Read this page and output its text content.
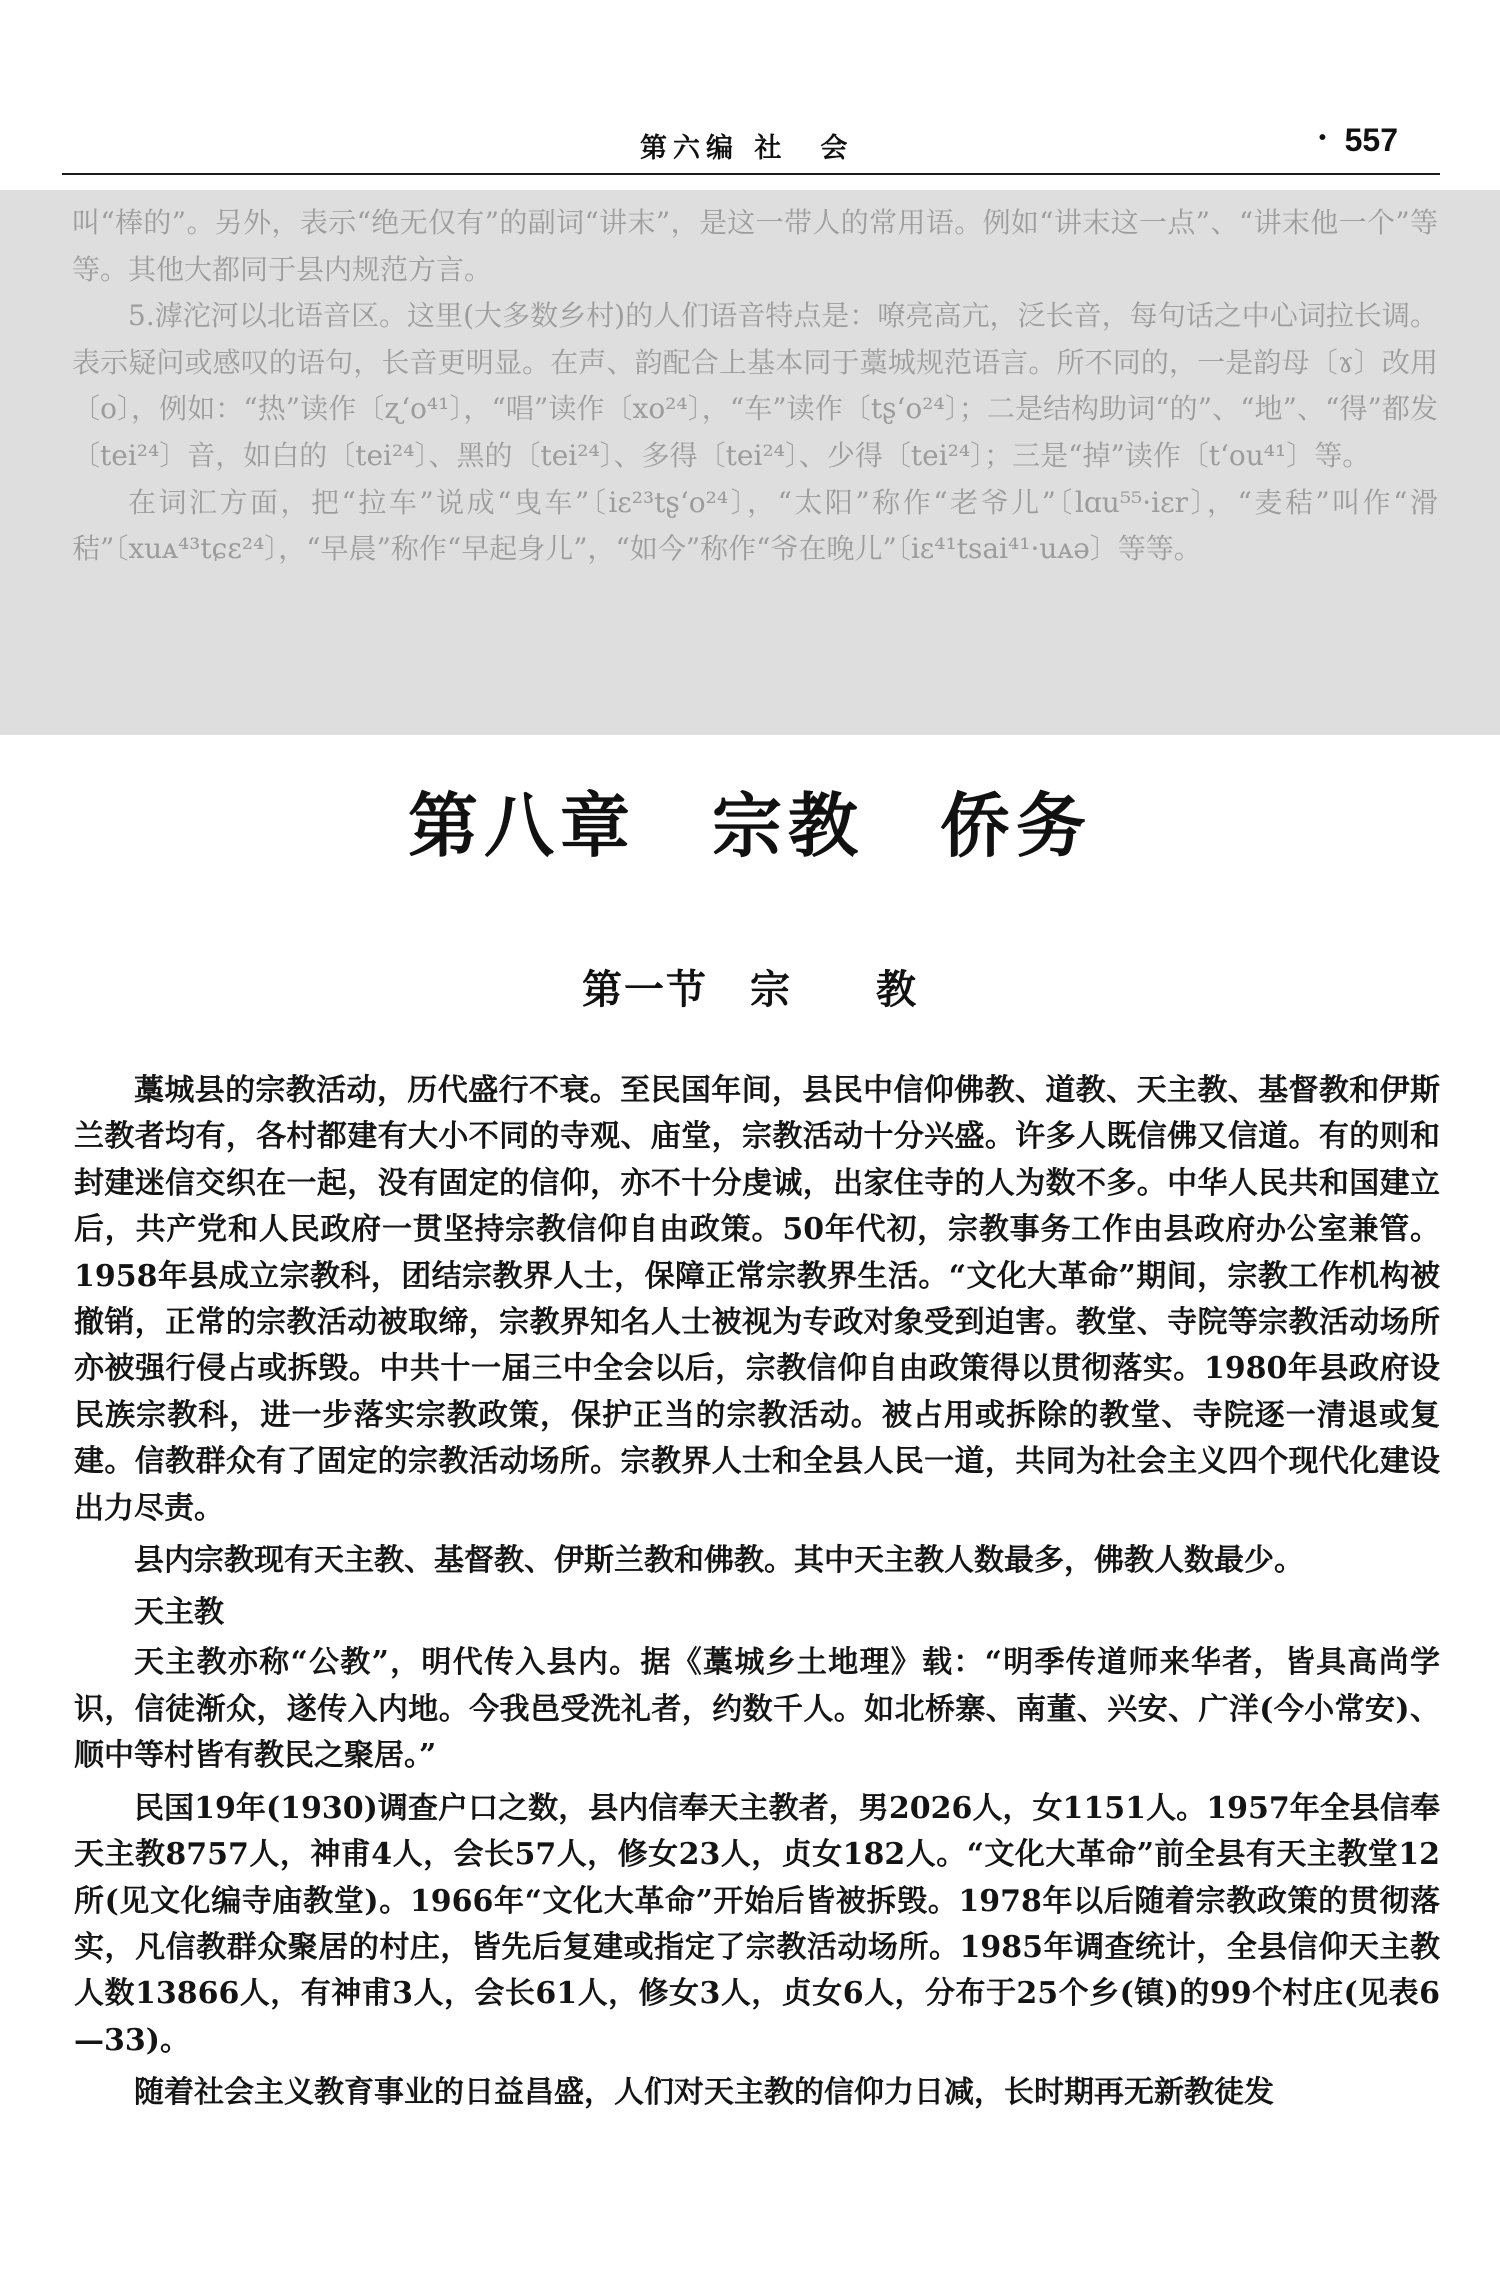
第六编 社　会	· 557

叫“棒的”。另外，表示“绝无仅有”的副词“讲末”，是这一带人的常用语。例如“讲末这一点”、“讲末他一个”等等。其他大都同于县内规范方言。

5.滹沱河以北语音区。这里(大多数乡村)的人们语音特点是：嘹亮高亢，泛长音，每句话之中心词拉长调。表示疑问或感叹的语句，长音更明显。在声、韵配合上基本同于藁城规范语言。所不同的，一是韵母〔ɤ〕改用〔o〕，例如：“热”读作〔ʐ‘o⁴¹〕，“唱”读作〔xo²⁴〕，“车”读作〔tʂ‘o²⁴〕；二是结构助词“的”、“地”、“得”都发〔tei²⁴〕音，如白的〔tei²⁴〕、黑的〔tei²⁴〕、多得〔tei²⁴〕、少得〔tei²⁴〕；三是“掉”读作〔t‘ou⁴¹〕等。

在词汇方面，把“拉车”说成“曳车”〔iɛ²³tʂ‘o²⁴〕，“太阳”称作“老爷儿”〔lɑu⁵⁵·iɛr〕，“麦秸”叫作“滑秸”〔xuᴀ⁴³tɕɛ²⁴〕，“早晨”称作“早起身儿”，“如今”称作“爷在晚儿”〔iɛ⁴¹tsai⁴¹·uᴀə〕等等。

第八章　宗教　侨务
第一节　宗　　教

藁城县的宗教活动，历代盛行不衰。至民国年间，县民中信仰佛教、道教、天主教、基督教和伊斯兰教者均有，各村都建有大小不同的寺观、庙堂，宗教活动十分兴盛。许多人既信佛又信道。有的则和封建迷信交织在一起，没有固定的信仰，亦不十分虔诚，出家住寺的人为数不多。中华人民共和国建立后，共产党和人民政府一贯坚持宗教信仰自由政策。50年代初，宗教事务工作由县政府办公室兼管。1958年县成立宗教科，团结宗教界人士，保障正常宗教界生活。“文化大革命”期间，宗教工作机构被撤销，正常的宗教活动被取缔，宗教界知名人士被视为专政对象受到迫害。教堂、寺院等宗教活动场所亦被强行侵占或拆毁。中共十一届三中全会以后，宗教信仰自由政策得以贯彻落实。1980年县政府设民族宗教科，进一步落实宗教政策，保护正当的宗教活动。被占用或拆除的教堂、寺院逐一清退或复建。信教群众有了固定的宗教活动场所。宗教界人士和全县人民一道，共同为社会主义四个现代化建设出力尽责。

县内宗教现有天主教、基督教、伊斯兰教和佛教。其中天主教人数最多，佛教人数最少。

天主教

天主教亦称“公教”，明代传入县内。据《藁城乡土地理》载：“明季传道师来华者，皆具高尚学识，信徒渐众，遂传入内地。今我邑受洗礼者，约数千人。如北桥寨、南董、兴安、广洋(今小常安)、顺中等村皆有教民之聚居。”

民国19年(1930)调查户口之数，县内信奉天主教者，男2026人，女1151人。1957年全县信奉天主教8757人，神甫4人，会长57人，修女23人，贞女182人。“文化大革命”前全县有天主教堂12所(见文化编寺庙教堂)。1966年“文化大革命”开始后皆被拆毁。1978年以后随着宗教政策的贯彻落实，凡信教群众聚居的村庄，皆先后复建或指定了宗教活动场所。1985年调查统计，全县信仰天主教人数13866人，有神甫3人，会长61人，修女3人，贞女6人，分布于25个乡(镇)的99个村庄(见表6—33)。

随着社会主义教育事业的日益昌盛，人们对天主教的信仰力日减，长时期再无新教徒发
